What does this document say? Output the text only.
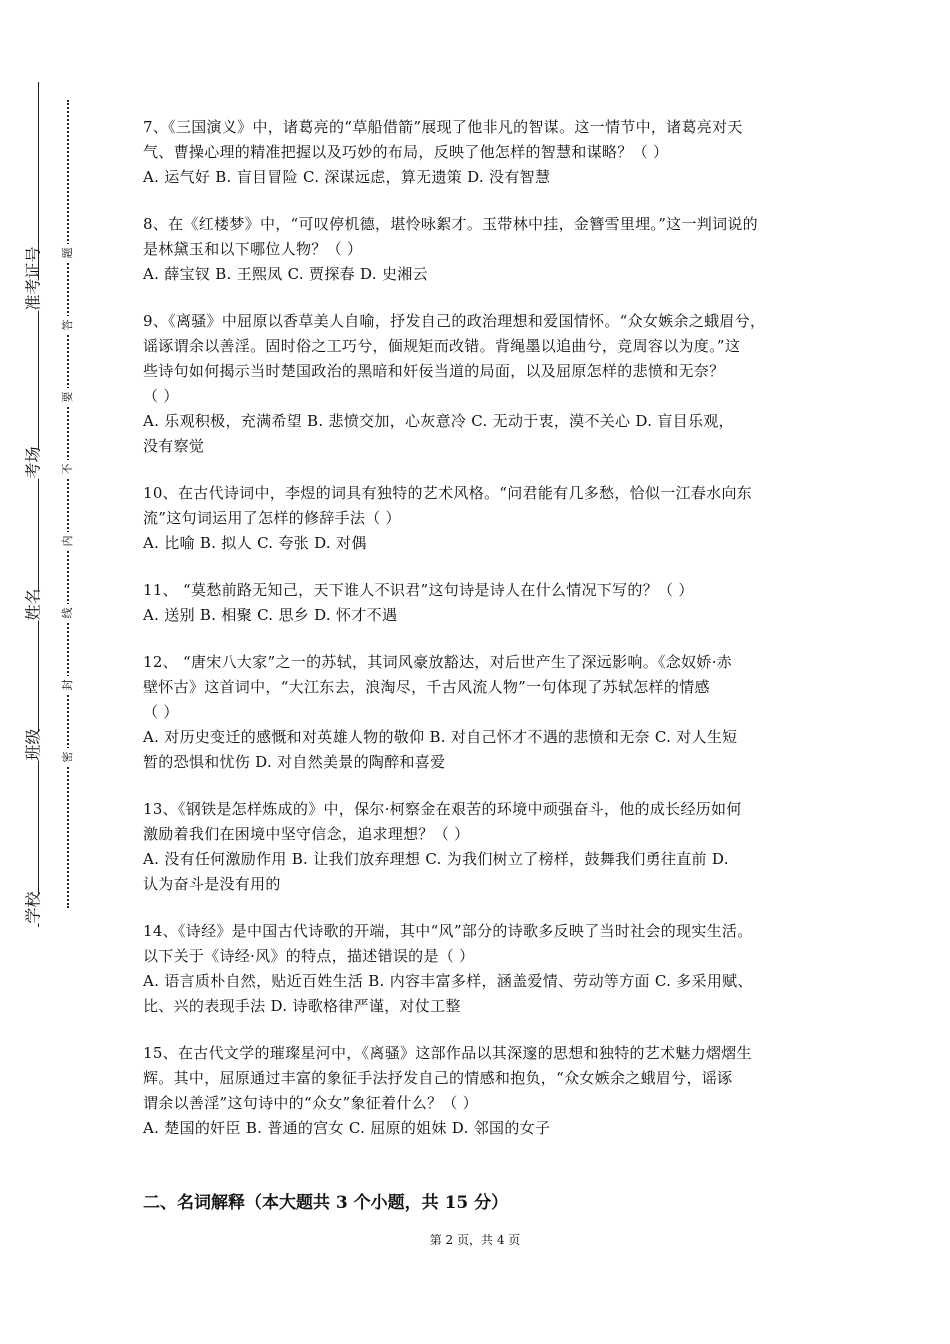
准考证号
考场
姓名
班级
学校
题
答
要
不
内
线
封
密

7、《三国演义》中，诸葛亮的“草船借箭”展现了他非凡的智谋。这一情节中，诸葛亮对天

气、曹操心理的精准把握以及巧妙的布局，反映了他怎样的智慧和谋略？（ ）

A. 运气好 B. 盲目冒险 C. 深谋远虑，算无遗策 D. 没有智慧

8、在《红楼梦》中，“可叹停机德，堪怜咏絮才。玉带林中挂，金簪雪里埋。”这一判词说的

是林黛玉和以下哪位人物？（ ）

A. 薛宝钗 B. 王熙凤 C. 贾探春 D. 史湘云

9、《离骚》中屈原以香草美人自喻，抒发自己的政治理想和爱国情怀。“众女嫉余之蛾眉兮，

谣诼谓余以善淫。固时俗之工巧兮，偭规矩而改错。背绳墨以追曲兮，竞周容以为度。”这

些诗句如何揭示当时楚国政治的黑暗和奸佞当道的局面，以及屈原怎样的悲愤和无奈？

（ ）

A. 乐观积极，充满希望 B. 悲愤交加，心灰意冷 C. 无动于衷，漠不关心 D. 盲目乐观，

没有察觉

10、在古代诗词中，李煜的词具有独特的艺术风格。“问君能有几多愁，恰似一江春水向东

流”这句词运用了怎样的修辞手法（ ）

A. 比喻 B. 拟人 C. 夸张 D. 对偶

11、 “莫愁前路无知己，天下谁人不识君”这句诗是诗人在什么情况下写的？（ ）

A. 送别 B. 相聚 C. 思乡 D. 怀才不遇

12、 “唐宋八大家”之一的苏轼，其词风豪放豁达，对后世产生了深远影响。《念奴娇·赤

壁怀古》这首词中，“大江东去，浪淘尽，千古风流人物”一句体现了苏轼怎样的情感

（ ）

A. 对历史变迁的感慨和对英雄人物的敬仰 B. 对自己怀才不遇的悲愤和无奈 C. 对人生短

暂的恐惧和忧伤 D. 对自然美景的陶醉和喜爱

13、《钢铁是怎样炼成的》中，保尔·柯察金在艰苦的环境中顽强奋斗，他的成长经历如何

激励着我们在困境中坚守信念，追求理想？（ ）

A. 没有任何激励作用 B. 让我们放弃理想 C. 为我们树立了榜样，鼓舞我们勇往直前 D.

认为奋斗是没有用的

14、《诗经》是中国古代诗歌的开端，其中“风”部分的诗歌多反映了当时社会的现实生活。

以下关于《诗经·风》的特点，描述错误的是（ ）

A. 语言质朴自然，贴近百姓生活 B. 内容丰富多样，涵盖爱情、劳动等方面 C. 多采用赋、

比、兴的表现手法 D. 诗歌格律严谨，对仗工整

15、在古代文学的璀璨星河中，《离骚》这部作品以其深邃的思想和独特的艺术魅力熠熠生

辉。其中，屈原通过丰富的象征手法抒发自己的情感和抱负，“众女嫉余之蛾眉兮，谣诼

谓余以善淫”这句诗中的“众女”象征着什么？（ ）

A. 楚国的奸臣 B. 普通的宫女 C. 屈原的姐妹 D. 邻国的女子

二、名词解释（本大题共 3 个小题，共 15 分）
第 2 页，共 4 页
